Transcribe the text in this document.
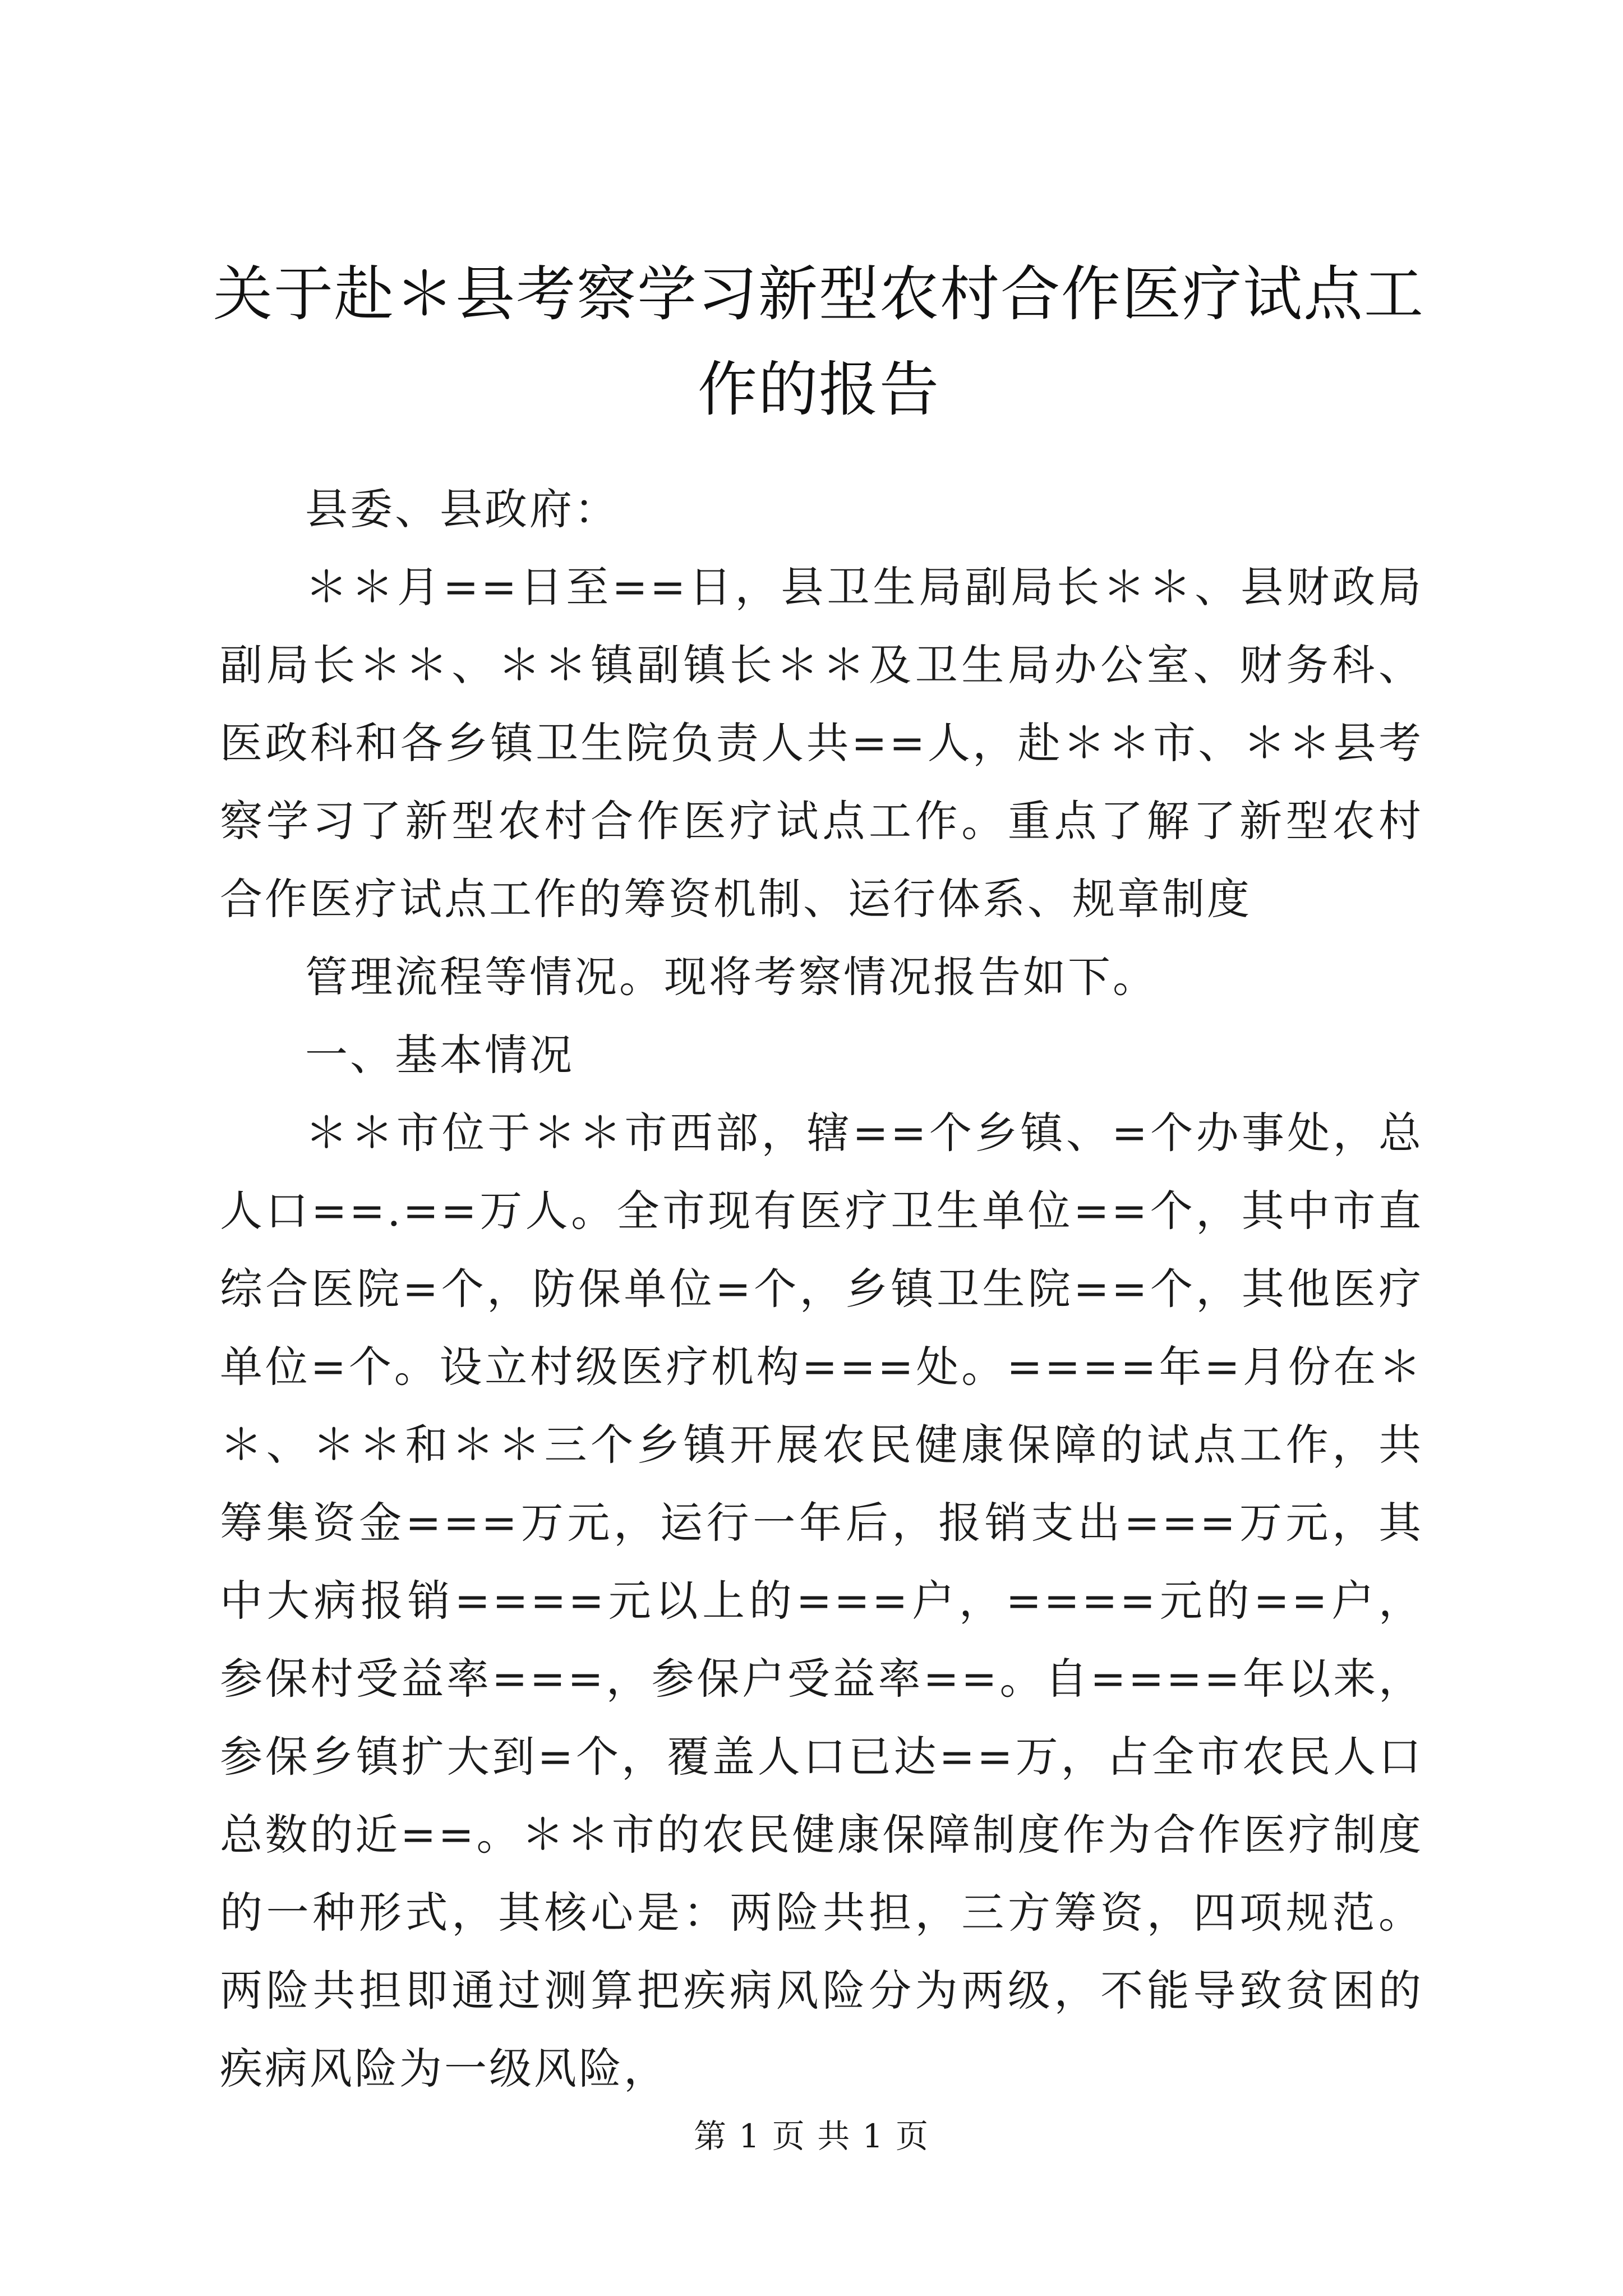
关于赴＊县考察学习新型农村合作医疗试点工作的报告

县委、县政府：

＊＊月==日至==日，县卫生局副局长＊＊、县财政局副局长＊＊、＊＊镇副镇长＊＊及卫生局办公室、财务科、医政科和各乡镇卫生院负责人共==人，赴＊＊市、＊＊县考察学习了新型农村合作医疗试点工作。重点了解了新型农村合作医疗试点工作的筹资机制、运行体系、规章制度

管理流程等情况。现将考察情况报告如下。

一、基本情况

＊＊市位于＊＊市西部，辖==个乡镇、=个办事处，总人口==.==万人。全市现有医疗卫生单位==个，其中市直综合医院=个，防保单位=个，乡镇卫生院==个，其他医疗单位=个。设立村级医疗机构===处。====年=月份在＊＊、＊＊和＊＊三个乡镇开展农民健康保障的试点工作，共筹集资金===万元，运行一年后，报销支出===万元，其中大病报销====元以上的===户，====元的==户，参保村受益率===，参保户受益率==。自====年以来，参保乡镇扩大到=个，覆盖人口已达==万，占全市农民人口总数的近==。＊＊市的农民健康保障制度作为合作医疗制度的一种形式，其核心是：两险共担，三方筹资，四项规范。两险共担即通过测算把疾病风险分为两级，不能导致贫困的疾病风险为一级风险，

第 1 页 共 1 页
